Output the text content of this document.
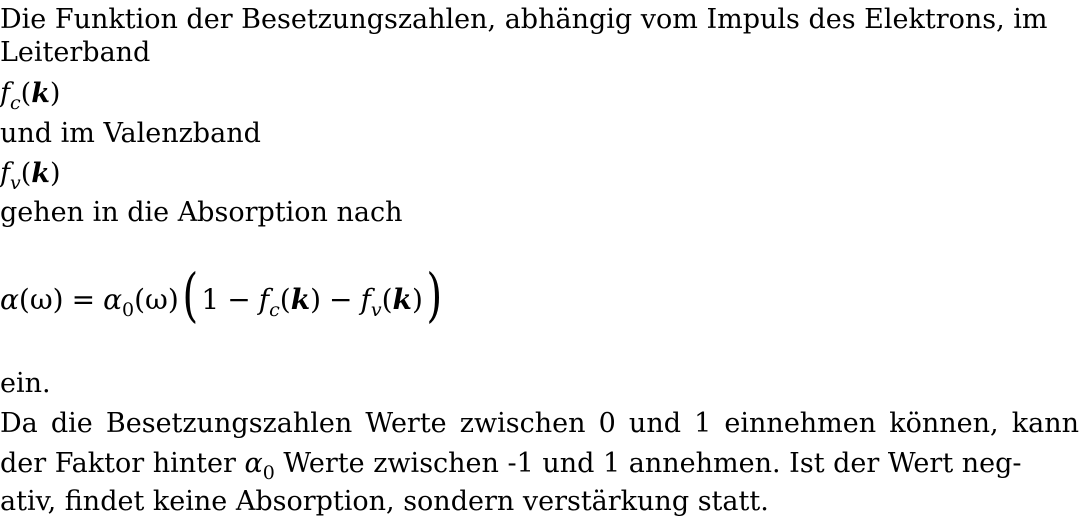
Die Funktion der Besetzungszahlen, abhängig vom Impuls des Elektrons, im
Leiterband
$f_c(k)$
und im Valenzband
$f_v(k)$
gehen in die Absorption nach
$\alpha(\omega) = \alpha_0(\omega)$( $1 - f_c(k) - f_v(k)$)
ein.
Da die Besetzungszahlen Werte zwischen 0 und 1 einnehmen können, kann
der Faktor hinter $\alpha_0$ Werte zwischen -1 und 1 annehmen. Ist der Wert neg-
ativ, findet keine Absorption, sondern verstärkung statt.
